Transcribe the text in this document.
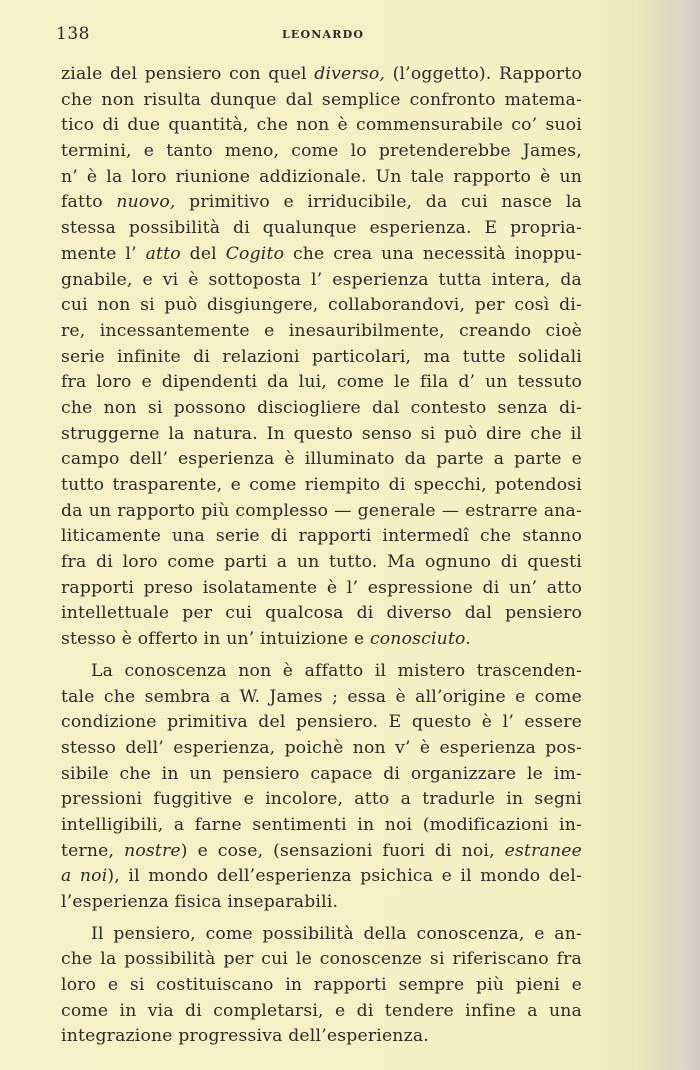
138	LEONARDO
ziale del pensiero con quel diverso, (l’oggetto). Rapporto
che non risulta dunque dal semplice confronto matema-
tico di due quantità, che non è commensurabile co’ suoi
termini, e tanto meno, come lo pretenderebbe James,
n’ è la loro riunione addizionale. Un tale rapporto è un
fatto nuovo, primitivo e irriducibile, da cui nasce la
stessa possibilità di qualunque esperienza. E propria-
mente l’ atto del Cogito che crea una necessità inoppu-
gnabile, e vi è sottoposta l’ esperienza tutta intera, da
cui non si può disgiungere, collaborandovi, per così di-
re, incessantemente e inesauribilmente, creando cioè
serie infinite di relazioni particolari, ma tutte solidali
fra loro e dipendenti da lui, come le fila d’ un tessuto
che non si possono disciogliere dal contesto senza di-
struggerne la natura. In questo senso si può dire che il
campo dell’ esperienza è illuminato da parte a parte e
tutto trasparente, e come riempito di specchi, potendosi
da un rapporto più complesso — generale — estrarre ana-
liticamente una serie di rapporti intermedî che stanno
fra di loro come parti a un tutto. Ma ognuno di questi
rapporti preso isolatamente è l’ espressione di un’ atto
intellettuale per cui qualcosa di diverso dal pensiero
stesso è offerto in un’ intuizione e conosciuto.
La conoscenza non è affatto il mistero trascenden-
tale che sembra a W. James ; essa è all’origine e come
condizione primitiva del pensiero. E questo è l’ essere
stesso dell’ esperienza, poichè non v’ è esperienza pos-
sibile che in un pensiero capace di organizzare le im-
pressioni fuggitive e incolore, atto a tradurle in segni
intelligibili, a farne sentimenti in noi (modificazioni in-
terne, nostre) e cose, (sensazioni fuori di noi, estranee
a noi), il mondo dell’esperienza psichica e il mondo del-
l’esperienza fisica inseparabili.
Il pensiero, come possibilità della conoscenza, e an-
che la possibilità per cui le conoscenze si riferiscano fra
loro e si costituiscano in rapporti sempre più pieni e
come in via di completarsi, e di tendere infine a una
integrazione progressiva dell’esperienza.
